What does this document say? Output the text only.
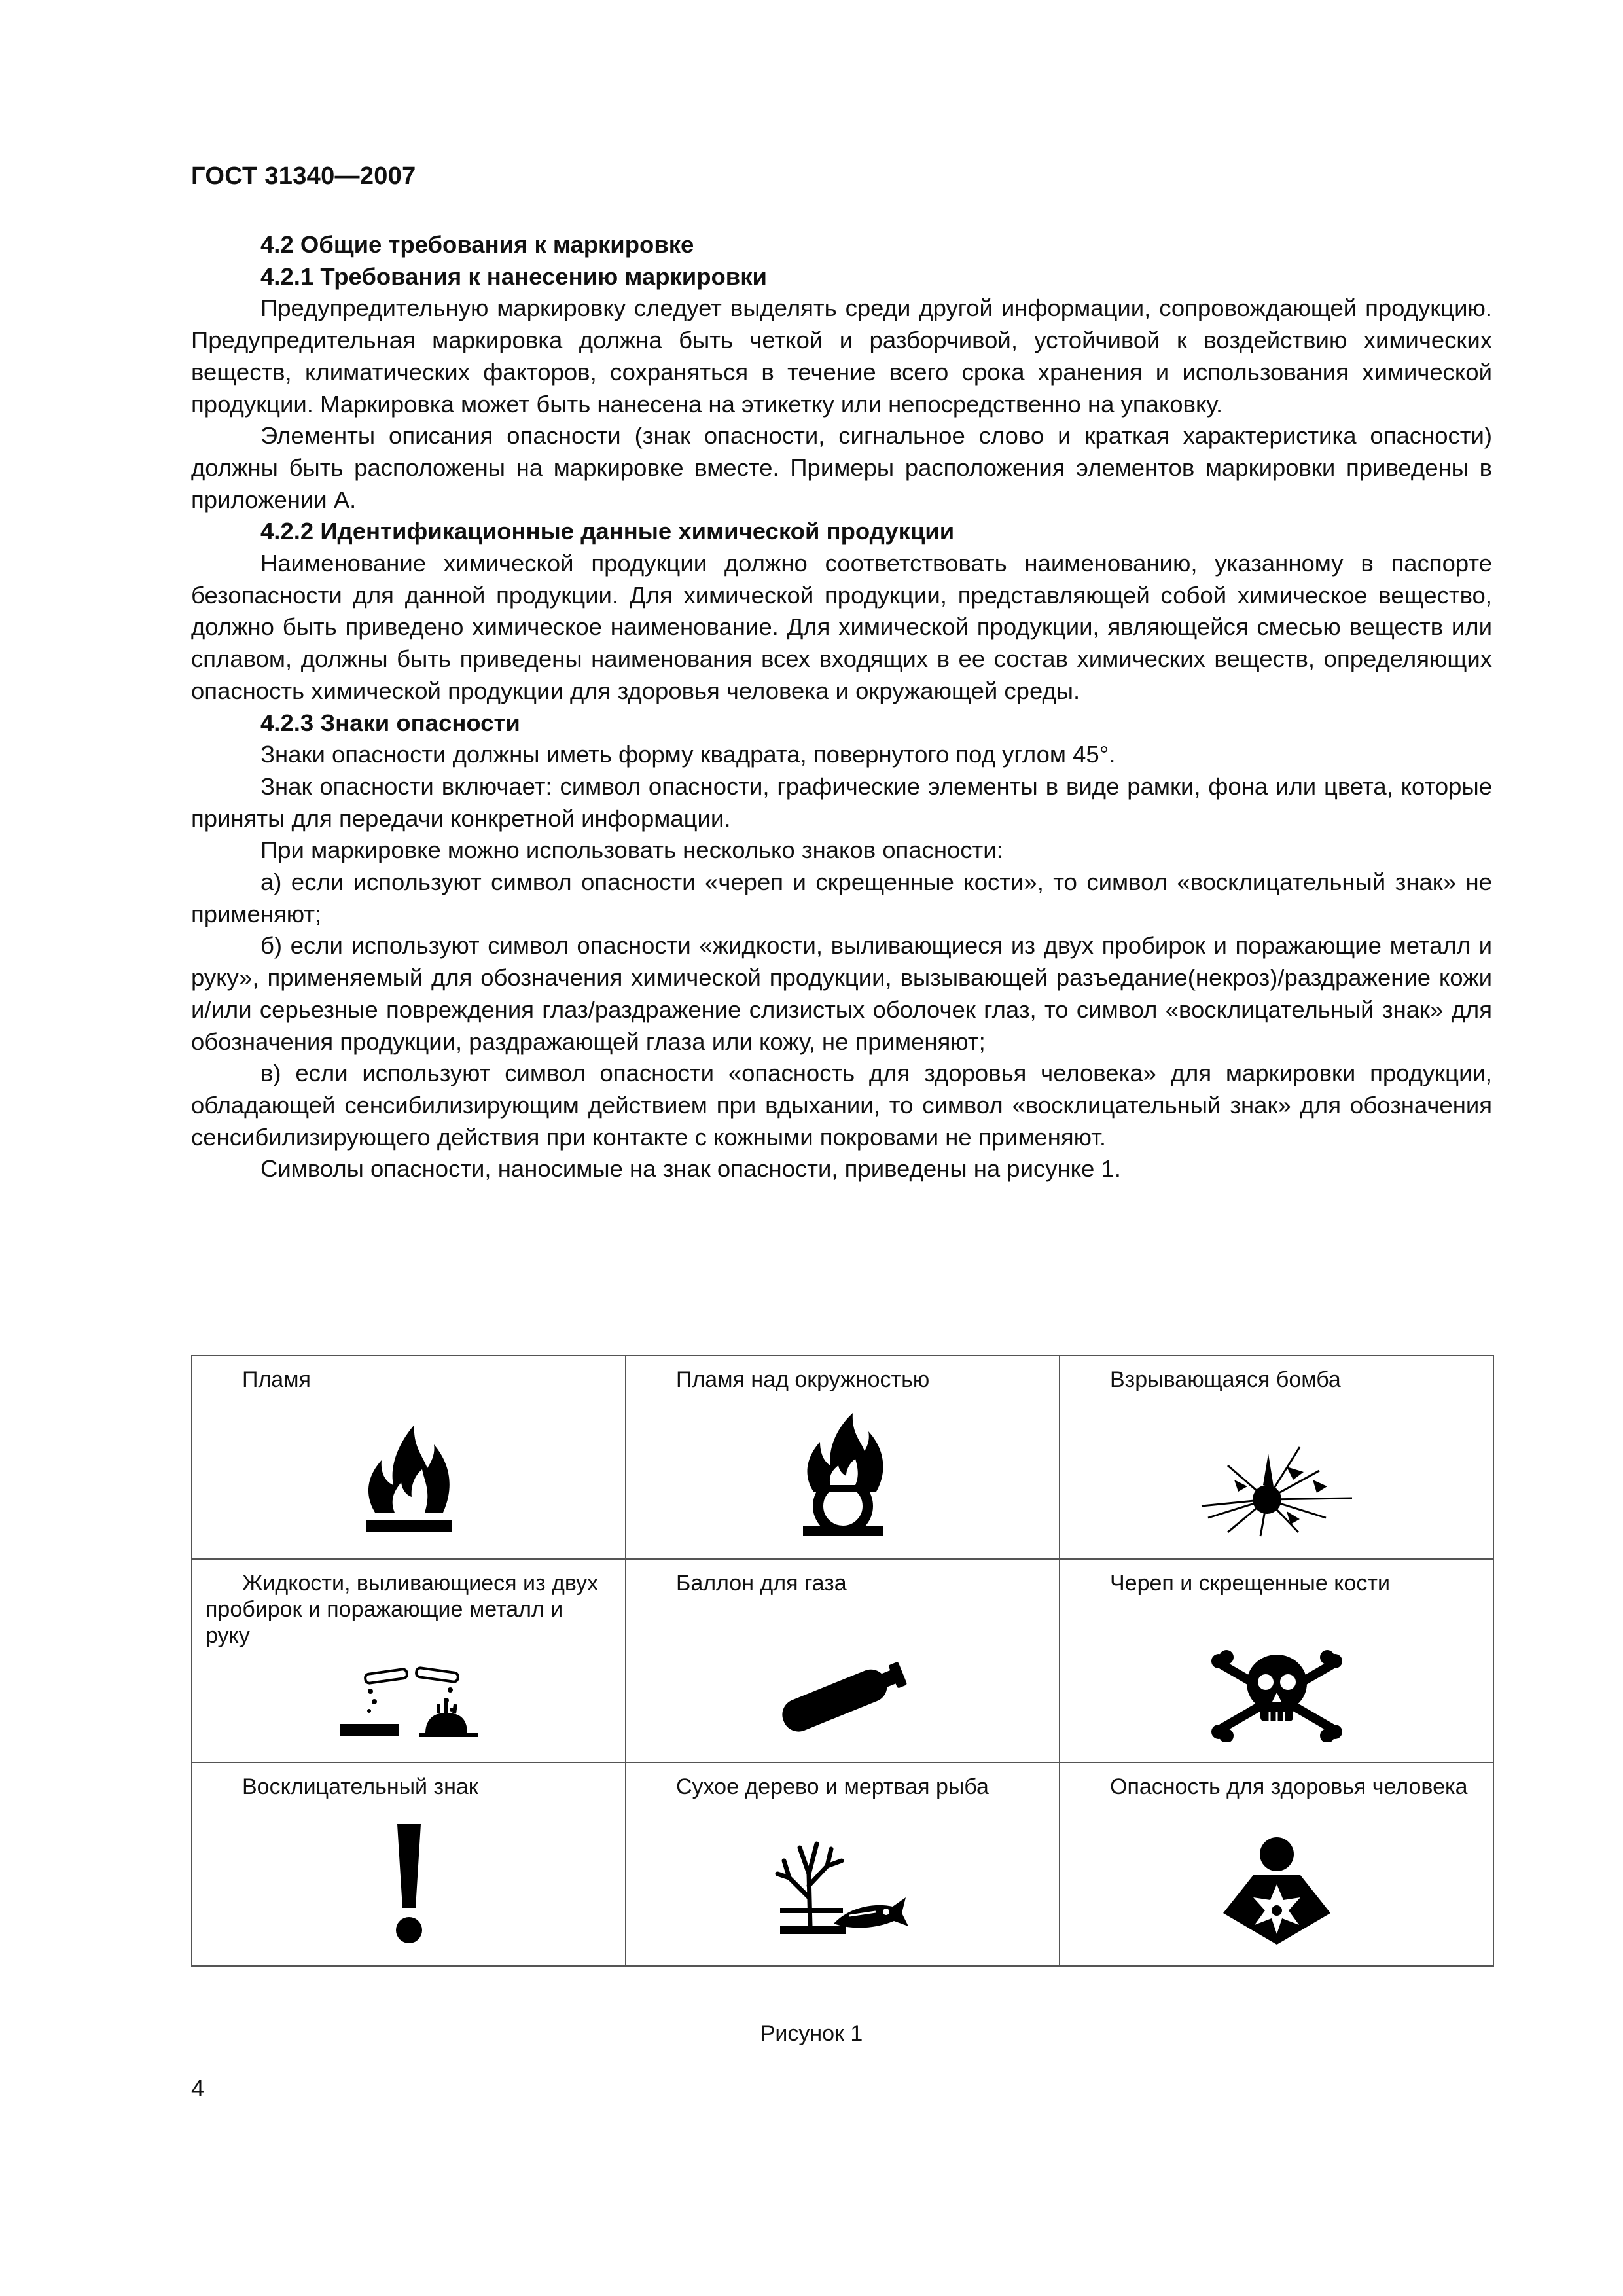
ГОСТ 31340—2007

4.2 Общие требования к маркировке

4.2.1 Требования к нанесению маркировки

Предупредительную маркировку следует выделять среди другой информации, сопровождающей продукцию. Предупредительная маркировка должна быть четкой и разборчивой, устойчивой к воздействию химических веществ, климатических факторов, сохраняться в течение всего срока хранения и использования химической продукции. Маркировка может быть нанесена на этикетку или непосредственно на упаковку.

Элементы описания опасности (знак опасности, сигнальное слово и краткая характеристика опасности) должны быть расположены на маркировке вместе. Примеры расположения элементов маркировки приведены в приложении А.

4.2.2 Идентификационные данные химической продукции

Наименование химической продукции должно соответствовать наименованию, указанному в паспорте безопасности для данной продукции. Для химической продукции, представляющей собой химическое вещество, должно быть приведено химическое наименование. Для химической продукции, являющейся смесью веществ или сплавом, должны быть приведены наименования всех входящих в ее состав химических веществ, определяющих опасность химической продукции для здоровья человека и окружающей среды.

4.2.3 Знаки опасности

Знаки опасности должны иметь форму квадрата, повернутого под углом 45°.

Знак опасности включает: символ опасности, графические элементы в виде рамки, фона или цвета, которые приняты для передачи конкретной информации.

При маркировке можно использовать несколько знаков опасности:

а) если используют символ опасности «череп и скрещенные кости», то символ «восклицательный знак» не применяют;

б) если используют символ опасности «жидкости, выливающиеся из двух пробирок и поражающие металл и руку», применяемый для обозначения химической продукции, вызывающей разъедание(некроз)/раздражение кожи и/или серьезные повреждения глаз/раздражение слизистых оболочек глаз, то символ «восклицательный знак» для обозначения продукции, раздражающей глаза или кожу, не применяют;

в) если используют символ опасности «опасность для здоровья человека» для маркировки продукции, обладающей сенсибилизирующим действием при вдыхании, то символ «восклицательный знак» для обозначения сенсибилизирующего действия при контакте с кожными покровами не применяют.

Символы опасности, наносимые на знак опасности, приведены на рисунке 1.

Пламя	Пламя над окружностью	Взрывающаяся бомба

Жидкости, выливающиеся из двух пробирок и поражающие металл и руку	Баллон для газа	Череп и скрещенные кости

Восклицательный знак	Сухое дерево и мертвая рыба	Опасность для здоровья человека
Рисунок 1
4
